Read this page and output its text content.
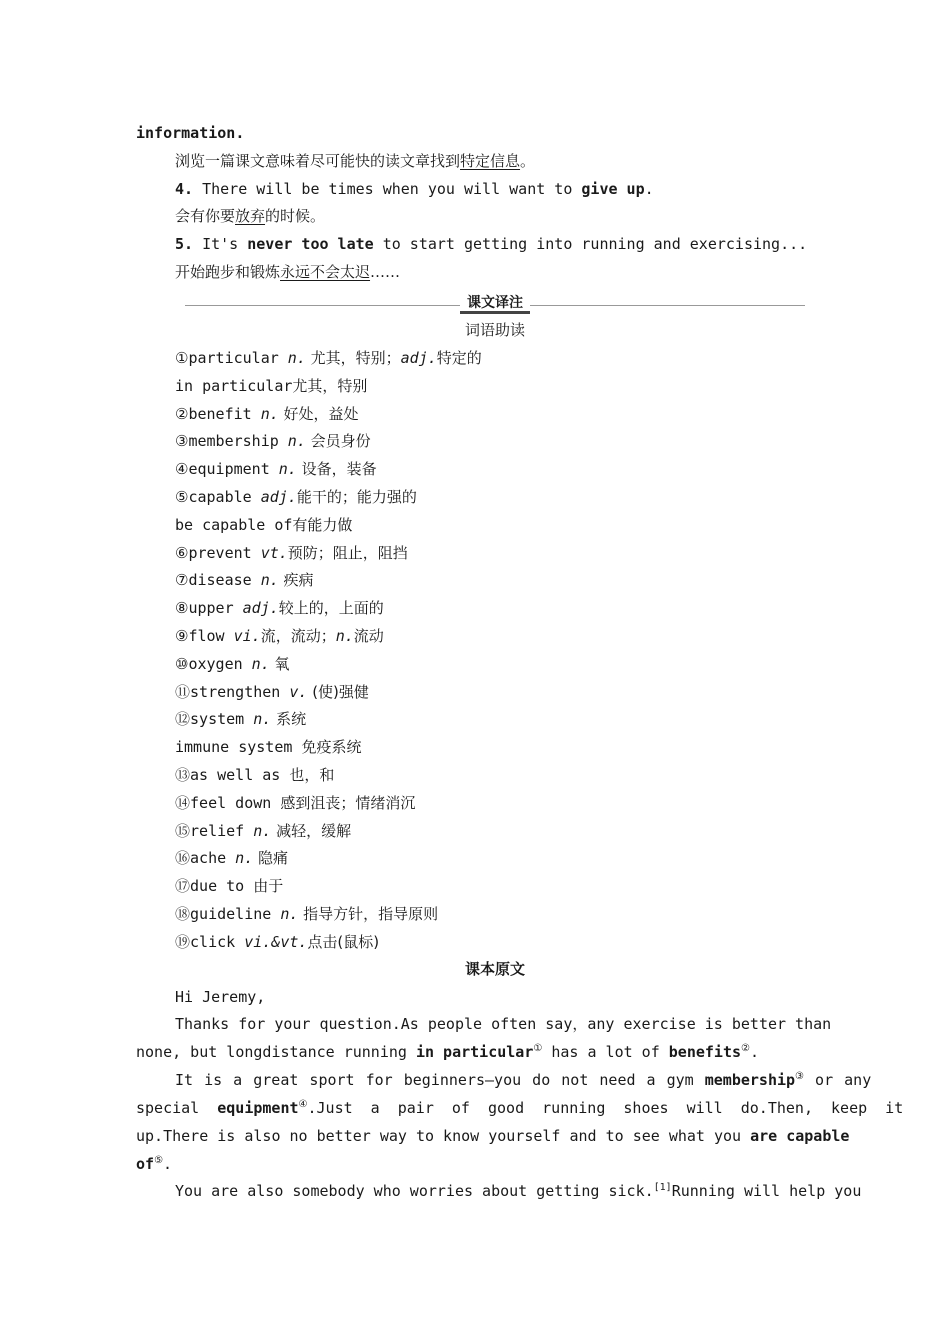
information.
浏览一篇课文意味着尽可能快的读文章找到特定信息。
4. There will be times when you will want to give up.
会有你要放弃的时候。
5. It's never too late to start getting into running and exercising...
开始跑步和锻炼永远不会太迟……
课文译注
词语助读
①particular n. 尤其，特别；adj.特定的
in particular尤其，特别
②benefit n. 好处，益处
③membership n. 会员身份
④equipment n. 设备，装备
⑤capable adj.能干的；能力强的
be capable of有能力做
⑥prevent vt.预防；阻止，阻挡
⑦disease n. 疾病
⑧upper adj.较上的，上面的
⑨flow vi.流，流动；n.流动
⑩oxygen n. 氧
⑪strengthen v. (使)强健
⑫system n. 系统
immune system 免疫系统
⑬as well as 也，和
⑭feel down 感到沮丧；情绪消沉
⑮relief n. 减轻，缓解
⑯ache n. 隐痛
⑰due to 由于
⑱guideline n. 指导方针，指导原则
⑲click vi.&vt.点击(鼠标)
课本原文
Hi Jeremy,
Thanks for your question.As people often say，any exercise is better than
none, but longdistance running in particular① has a lot of benefits②.
It is a great sport for beginners—you do not need a gym membership③ or any
special equipment④.Just a pair of good running shoes will do.Then, keep it
up.There is also no better way to know yourself and to see what you are capable
of⑤.
You are also somebody who worries about getting sick.[1]Running will help you
